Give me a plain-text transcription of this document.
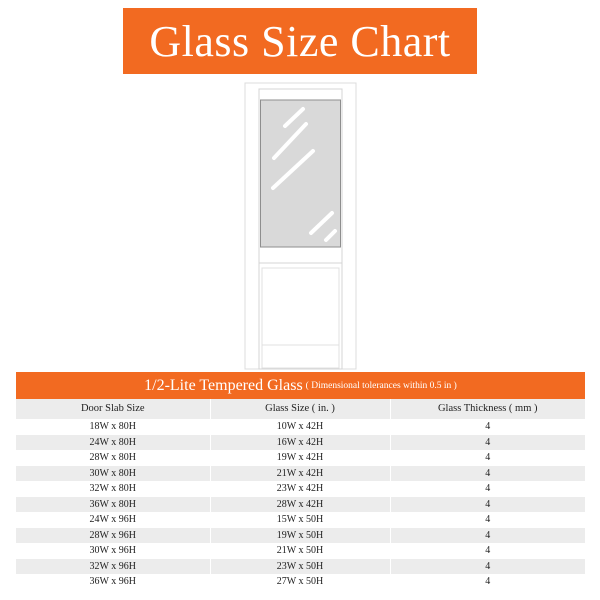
Glass Size Chart
1/2-Lite Tempered Glass ( Dimensional tolerances within 0.5 in )
Door Slab Size	Glass Size ( in. )	Glass Thickness ( mm )
18W x 80H	10W x 42H	4
24W x 80H	16W x 42H	4
28W x 80H	19W x 42H	4
30W x 80H	21W x 42H	4
32W x 80H	23W x 42H	4
36W x 80H	28W x 42H	4
24W x 96H	15W x 50H	4
28W x 96H	19W x 50H	4
30W x 96H	21W x 50H	4
32W x 96H	23W x 50H	4
36W x 96H	27W x 50H	4
